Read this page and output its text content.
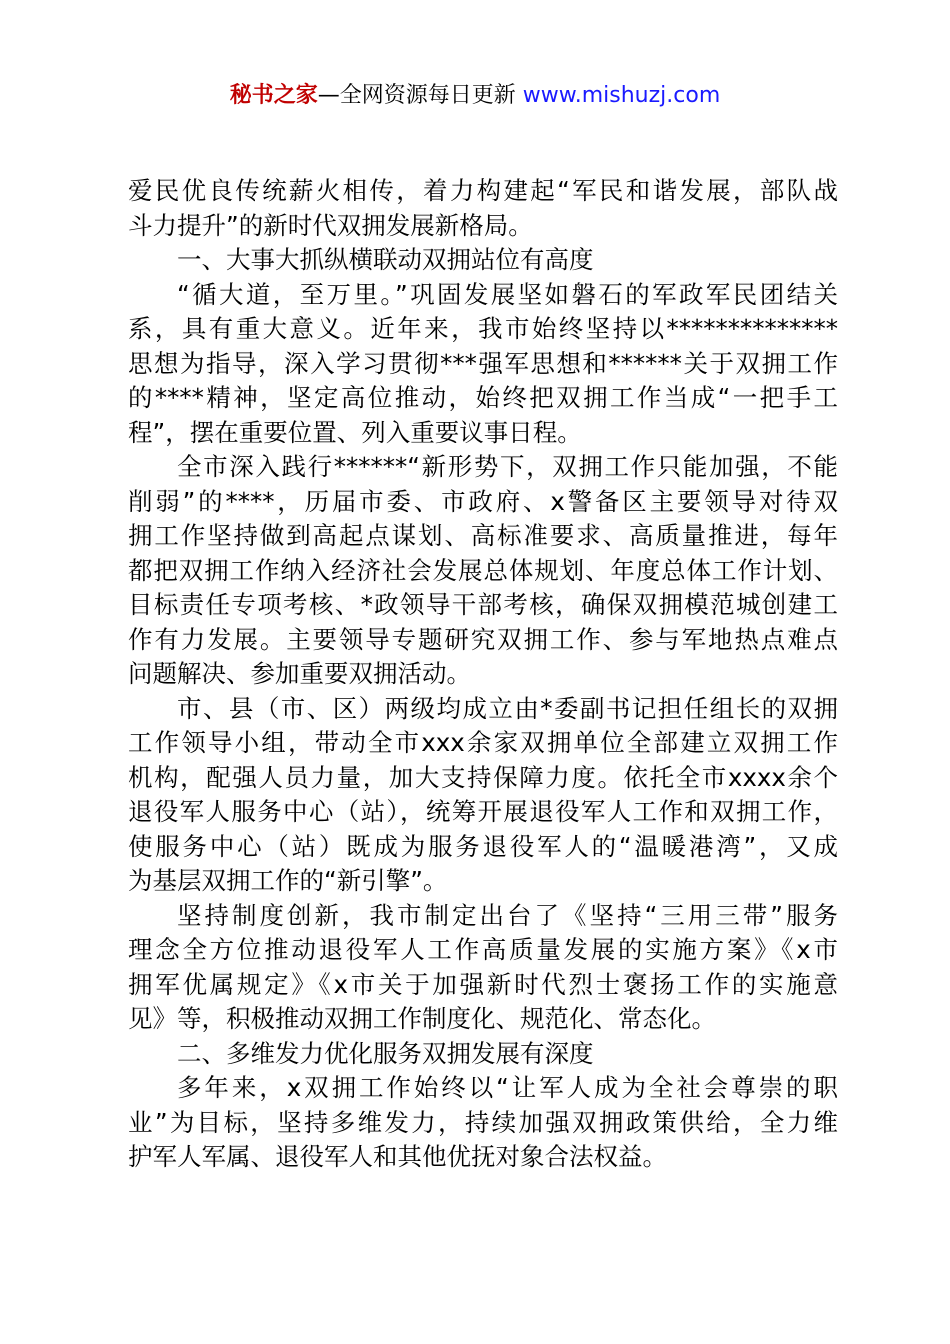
秘书之家—全网资源每日更新 www.mishuzj.com
爱民优良传统薪火相传，着力构建起“军民和谐发展，部队战
斗力提升”的新时代双拥发展新格局。
一、大事大抓纵横联动双拥站位有高度
“循大道，至万里。”巩固发展坚如磐石的军政军民团结关
系，具有重大意义。近年来，我市始终坚持以**************
思想为指导，深入学习贯彻***强军思想和******关于双拥工作
的****精神，坚定高位推动，始终把双拥工作当成“一把手工
程”，摆在重要位置、列入重要议事日程。
全市深入践行******“新形势下，双拥工作只能加强，不能
削弱”的****，历届市委、市政府、x警备区主要领导对待双
拥工作坚持做到高起点谋划、高标准要求、高质量推进，每年
都把双拥工作纳入经济社会发展总体规划、年度总体工作计划、
目标责任专项考核、*政领导干部考核，确保双拥模范城创建工
作有力发展。主要领导专题研究双拥工作、参与军地热点难点
问题解决、参加重要双拥活动。
市、县（市、区）两级均成立由*委副书记担任组长的双拥
工作领导小组，带动全市xxx余家双拥单位全部建立双拥工作
机构，配强人员力量，加大支持保障力度。依托全市xxxx余个
退役军人服务中心（站），统筹开展退役军人工作和双拥工作，
使服务中心（站）既成为服务退役军人的“温暖港湾”，又成
为基层双拥工作的“新引擎”。
坚持制度创新，我市制定出台了《坚持“三用三带”服务
理念全方位推动退役军人工作高质量发展的实施方案》《x市
拥军优属规定》《x市关于加强新时代烈士褒扬工作的实施意
见》等，积极推动双拥工作制度化、规范化、常态化。
二、多维发力优化服务双拥发展有深度
多年来，x双拥工作始终以“让军人成为全社会尊崇的职
业”为目标，坚持多维发力，持续加强双拥政策供给，全力维
护军人军属、退役军人和其他优抚对象合法权益。
